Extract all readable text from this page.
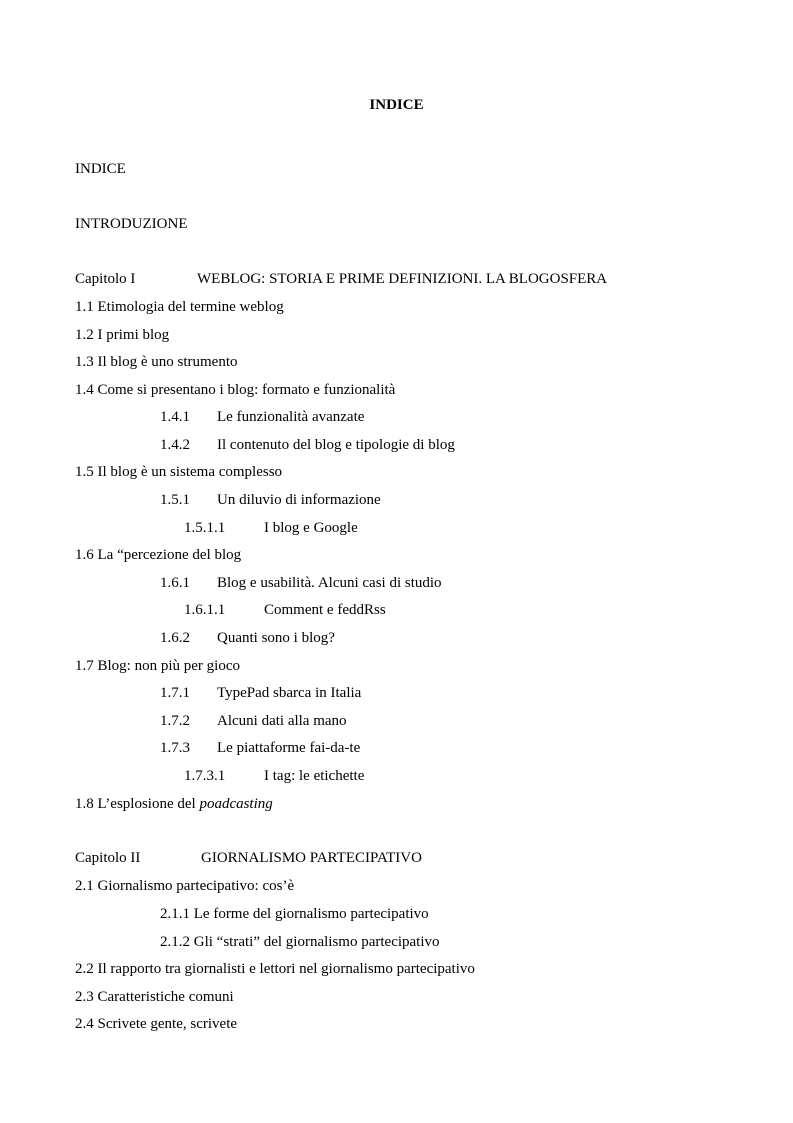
INDICE
INDICE
INTRODUZIONE
Capitolo I	WEBLOG: STORIA E PRIME DEFINIZIONI. LA BLOGOSFERA
1.1 Etimologia del termine weblog
1.2 I primi blog
1.3 Il blog è uno strumento
1.4 Come si presentano i blog: formato e funzionalità
1.4.1 Le funzionalità avanzate
1.4.2 Il contenuto del blog e tipologie di blog
1.5 Il blog è un sistema complesso
1.5.1 Un diluvio di informazione
1.5.1.1	I blog e Google
1.6 La “percezione del blog
1.6.1 Blog e usabilità. Alcuni casi di studio
1.6.1.1	Comment e feddRss
1.6.2 Quanti sono i blog?
1.7 Blog: non più per gioco
1.7.1 TypePad sbarca in Italia
1.7.2 Alcuni dati alla mano
1.7.3 Le piattaforme fai-da-te
1.7.3.1	I tag: le etichette
1.8 L’esplosione del poadcasting
Capitolo II	GIORNALISMO PARTECIPATIVO
2.1 Giornalismo partecipativo: cos’è
2.1.1 Le forme del giornalismo partecipativo
2.1.2 Gli “strati” del giornalismo partecipativo
2.2 Il rapporto tra giornalisti e lettori nel giornalismo partecipativo
2.3 Caratteristiche comuni
2.4 Scrivete gente, scrivete
